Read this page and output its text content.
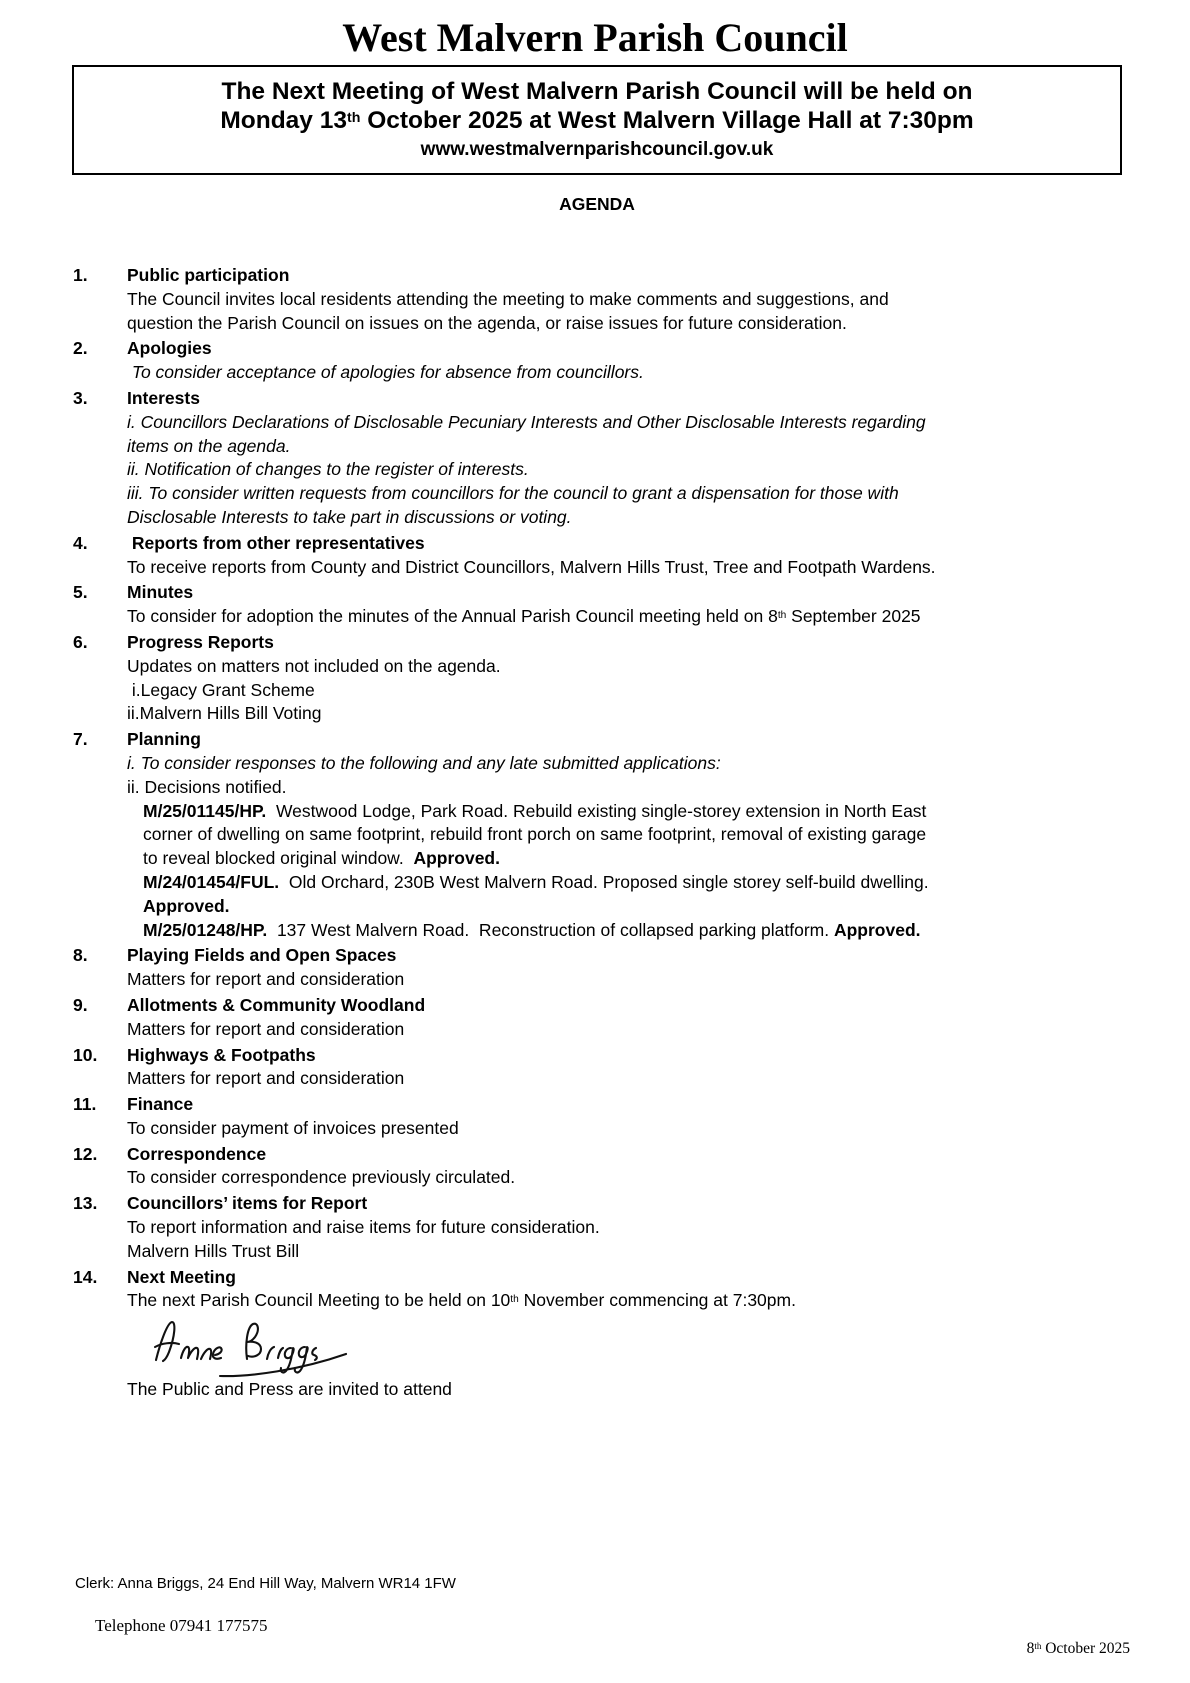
West Malvern Parish Council
The Next Meeting of West Malvern Parish Council will be held on
Monday 13th October 2025 at West Malvern Village Hall at 7:30pm
www.westmalvernparishcouncil.gov.uk
AGENDA
1.	Public participation
The Council invites local residents attending the meeting to make comments and suggestions, and
question the Parish Council on issues on the agenda, or raise issues for future consideration.
2.	Apologies
To consider acceptance of apologies for absence from councillors.
3.	Interests
i. Councillors Declarations of Disclosable Pecuniary Interests and Other Disclosable Interests regarding
items on the agenda.
ii. Notification of changes to the register of interests.
iii. To consider written requests from councillors for the council to grant a dispensation for those with
Disclosable Interests to take part in discussions or voting.
4.	Reports from other representatives
To receive reports from County and District Councillors, Malvern Hills Trust, Tree and Footpath Wardens.
5.	Minutes
To consider for adoption the minutes of the Annual Parish Council meeting held on 8th September 2025
6.	Progress Reports
Updates on matters not included on the agenda.
i.Legacy Grant Scheme
ii.Malvern Hills Bill Voting
7.	Planning
i. To consider responses to the following and any late submitted applications:
ii. Decisions notified.
M/25/01145/HP.  Westwood Lodge, Park Road. Rebuild existing single-storey extension in North East
corner of dwelling on same footprint, rebuild front porch on same footprint, removal of existing garage
to reveal blocked original window.  Approved.
M/24/01454/FUL.  Old Orchard, 230B West Malvern Road. Proposed single storey self-build dwelling.
Approved.
M/25/01248/HP.  137 West Malvern Road.  Reconstruction of collapsed parking platform. Approved.
8.	Playing Fields and Open Spaces
Matters for report and consideration
9.	Allotments & Community Woodland
Matters for report and consideration
10.	Highways & Footpaths
Matters for report and consideration
11.	Finance
To consider payment of invoices presented
12.	Correspondence
To consider correspondence previously circulated.
13.	Councillors’ items for Report
To report information and raise items for future consideration.
Malvern Hills Trust Bill
14.	Next Meeting
The next Parish Council Meeting to be held on 10th November commencing at 7:30pm.
The Public and Press are invited to attend
Clerk: Anna Briggs, 24 End Hill Way, Malvern WR14 1FW
Telephone 07941 177575
8th October 2025
